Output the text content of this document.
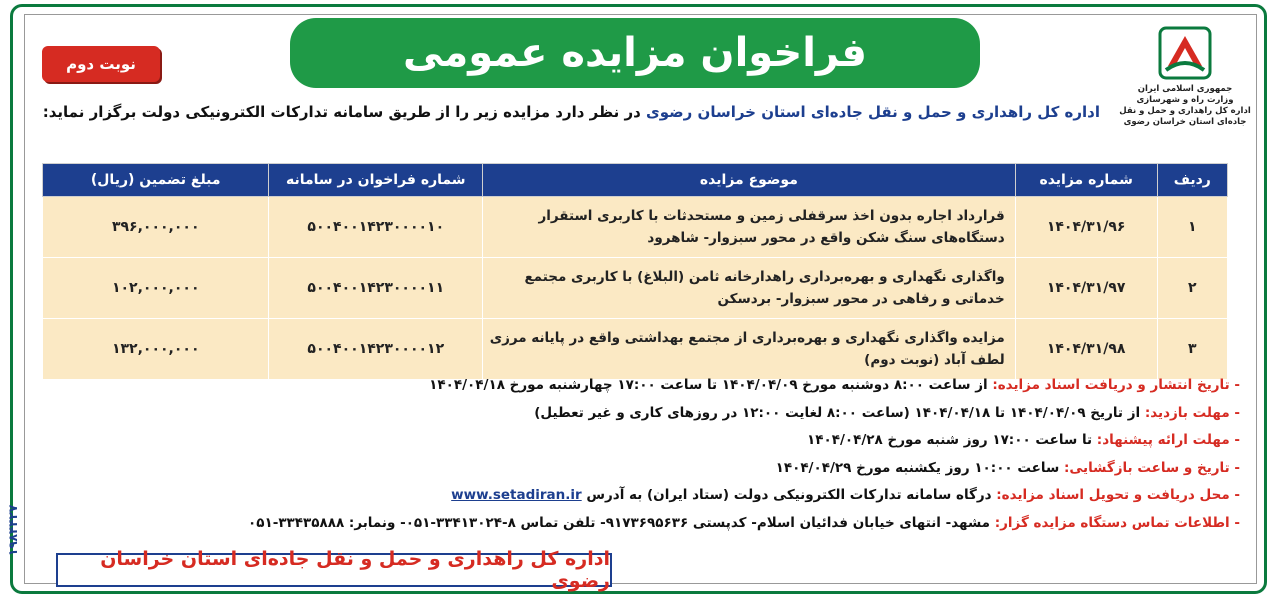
فراخوان مزایده عمومی
نوبت دوم
جمهوری اسلامی ایران
وزارت راه و شهرسازی
اداره کل راهداری و حمل و نقل
جاده‌ای استان خراسان رضوی
اداره کل راهداری و حمل و نقل جاده‌ای استان خراسان رضوی در نظر دارد مزایده زیر را از طریق سامانه تدارکات الکترونیکی دولت برگزار نماید:
ردیف	شماره مزایده	موضوع مزایده	شماره فراخوان در سامانه	مبلغ تضمین (ریال)
۱	۱۴۰۴/۳۱/۹۶	قرارداد اجاره بدون اخذ سرقفلی زمین و مستحدثات با کاربری استقرار دستگاه‌های سنگ شکن واقع در محور سبزوار- شاهرود	۵۰۰۴۰۰۱۴۲۳۰۰۰۰۱۰	۳۹۶,۰۰۰,۰۰۰
۲	۱۴۰۴/۳۱/۹۷	واگذاری نگهداری و بهره‌برداری راهدارخانه ثامن (البلاغ) با کاربری مجتمع خدماتی و رفاهی در محور سبزوار- بردسکن	۵۰۰۴۰۰۱۴۲۳۰۰۰۰۱۱	۱۰۲,۰۰۰,۰۰۰
۳	۱۴۰۴/۳۱/۹۸	مزایده واگذاری نگهداری و بهره‌برداری از مجتمع بهداشتی واقع در پایانه مرزی لطف آباد (نوبت دوم)	۵۰۰۴۰۰۱۴۲۳۰۰۰۰۱۲	۱۳۲,۰۰۰,۰۰۰
- تاریخ انتشار و دریافت اسناد مزایده: از ساعت ۸:۰۰ دوشنبه مورخ ۱۴۰۴/۰۴/۰۹ تا ساعت ۱۷:۰۰ چهارشنبه مورخ ۱۴۰۴/۰۴/۱۸
- مهلت بازدید: از تاریخ ۱۴۰۴/۰۴/۰۹ تا ۱۴۰۴/۰۴/۱۸ (ساعت ۸:۰۰ لغایت ۱۲:۰۰ در روزهای کاری و غیر تعطیل)
- مهلت ارائه پیشنهاد: تا ساعت ۱۷:۰۰ روز شنبه مورخ ۱۴۰۴/۰۴/۲۸
- تاریخ و ساعت بازگشایی: ساعت ۱۰:۰۰ روز یکشنبه مورخ ۱۴۰۴/۰۴/۲۹
- محل دریافت و تحویل اسناد مزایده: درگاه سامانه تدارکات الکترونیکی دولت (ستاد ایران) به آدرس www.setadiran.ir
- اطلاعات تماس دستگاه مزایده گزار: مشهد- انتهای خیابان فدائیان اسلام- کدپستی ۹۱۷۳۶۹۵۶۳۶- تلفن تماس ۸-۳۳۴۱۳۰۲۴-۰۵۱- ونمابر: ۳۳۴۳۵۸۸۸-۰۵۱
۱۹۸۴۴۲۷
اداره کل راهداری و حمل و نقل جاده‌ای استان خراسان رضوی
